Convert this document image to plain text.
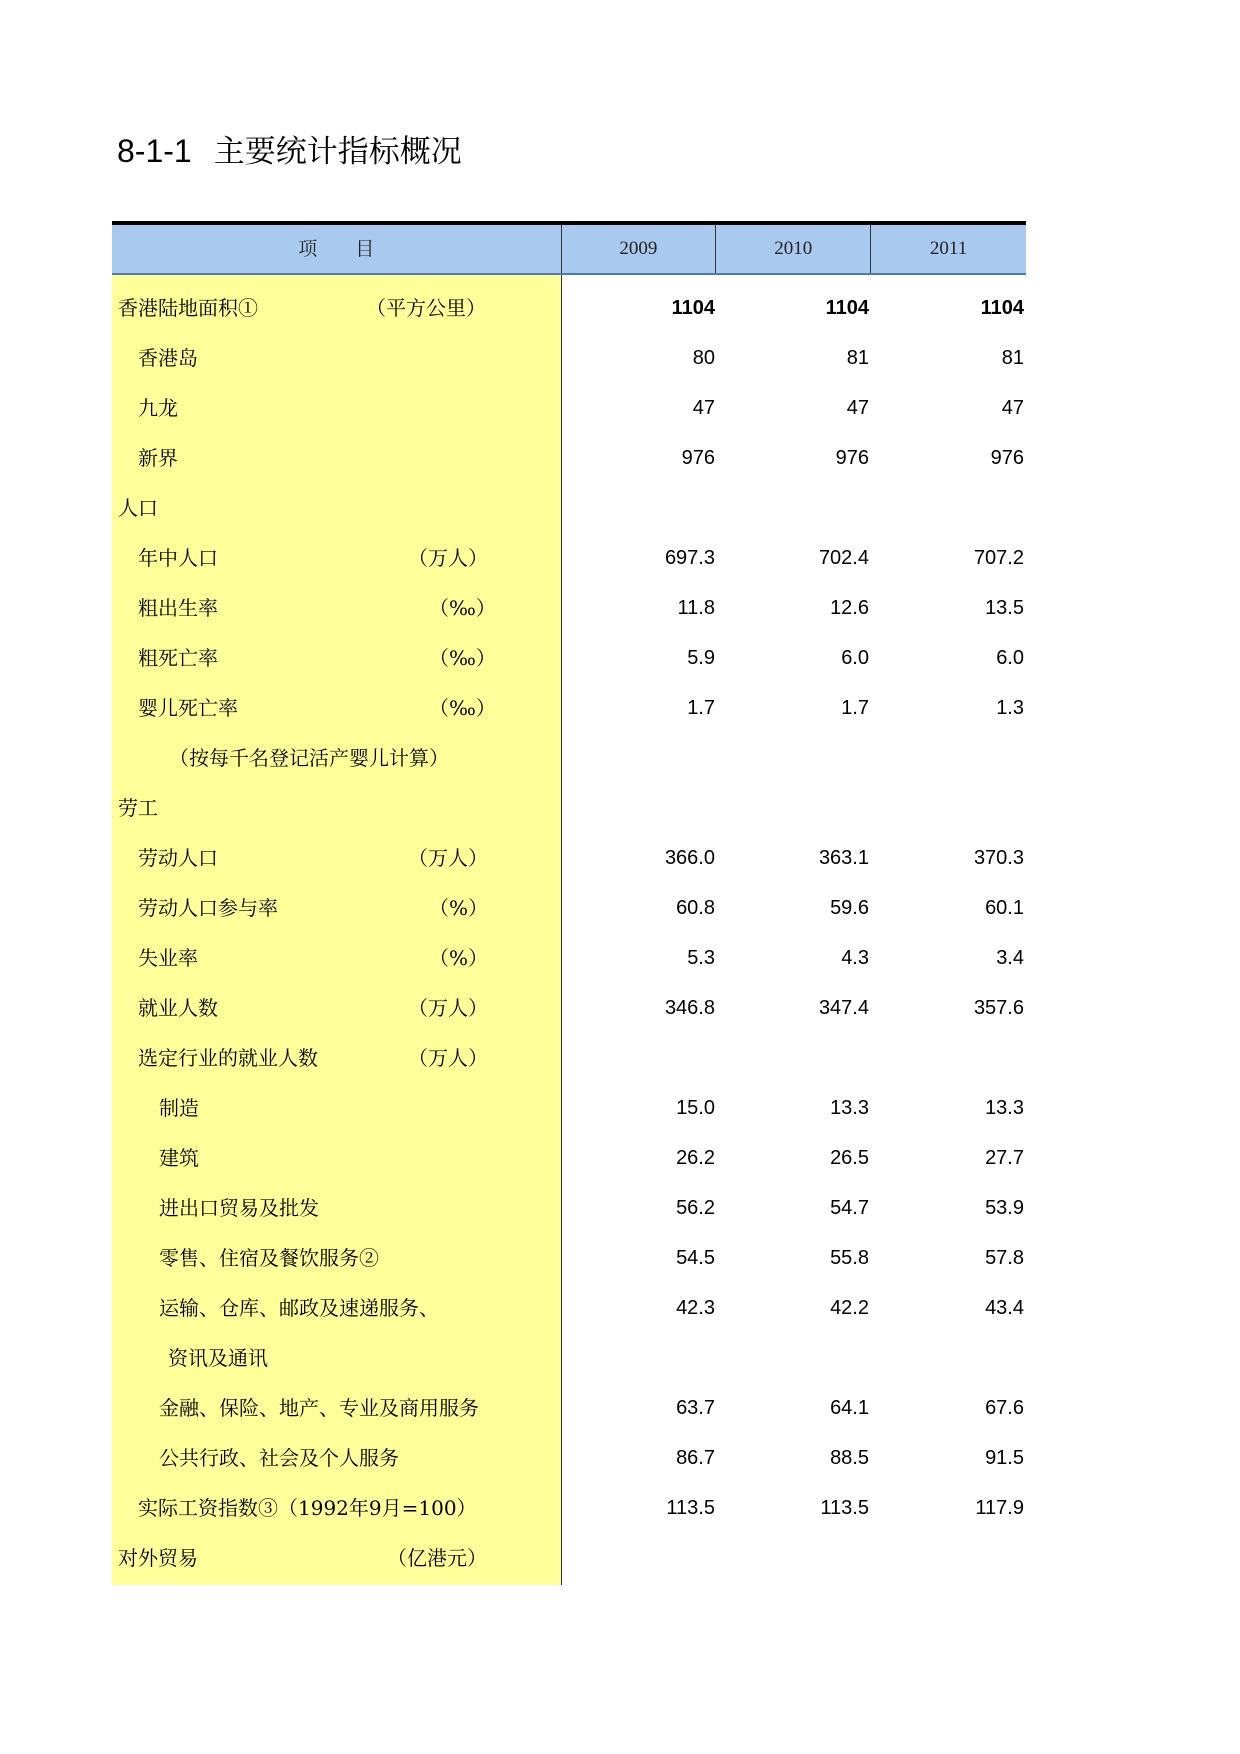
8-1-1 主要统计指标概况
项　　目	2009	2010	2011
香港陆地面积①	（平方公里）	1104	1104	1104
香港岛	80	81	81
九龙	47	47	47
新界	976	976	976
人口
年中人口	（万人）	697.3	702.4	707.2
粗出生率	（‰）	11.8	12.6	13.5
粗死亡率	（‰）	5.9	6.0	6.0
婴儿死亡率	（‰）	1.7	1.7	1.3
（按每千名登记活产婴儿计算）
劳工
劳动人口	（万人）	366.0	363.1	370.3
劳动人口参与率	（%）	60.8	59.6	60.1
失业率	（%）	5.3	4.3	3.4
就业人数	（万人）	346.8	347.4	357.6
选定行业的就业人数	（万人）
制造	15.0	13.3	13.3
建筑	26.2	26.5	27.7
进出口贸易及批发	56.2	54.7	53.9
零售、住宿及餐饮服务②	54.5	55.8	57.8
运输、仓库、邮政及速递服务、	42.3	42.2	43.4
资讯及通讯
金融、保险、地产、专业及商用服务	63.7	64.1	67.6
公共行政、社会及个人服务	86.7	88.5	91.5
实际工资指数③（1992年9月=100）	113.5	113.5	117.9
对外贸易	（亿港元）
